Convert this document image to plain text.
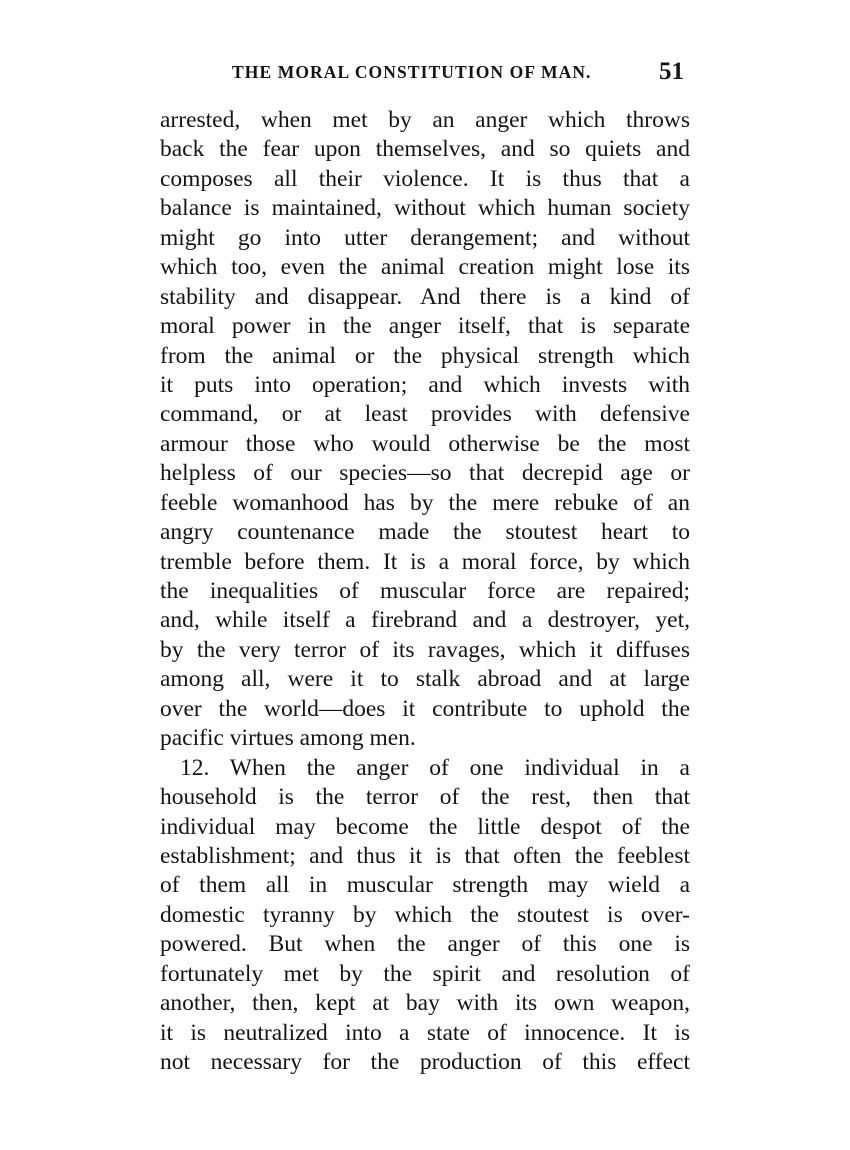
THE MORAL CONSTITUTION OF MAN.	51
arrested, when met by an anger which throws
back the fear upon themselves, and so quiets and
composes all their violence. It is thus that a
balance is maintained, without which human society
might go into utter derangement; and without
which too, even the animal creation might lose its
stability and disappear. And there is a kind of
moral power in the anger itself, that is separate
from the animal or the physical strength which
it puts into operation; and which invests with
command, or at least provides with defensive
armour those who would otherwise be the most
helpless of our species—so that decrepid age or
feeble womanhood has by the mere rebuke of an
angry countenance made the stoutest heart to
tremble before them. It is a moral force, by which
the inequalities of muscular force are repaired;
and, while itself a firebrand and a destroyer, yet,
by the very terror of its ravages, which it diffuses
among all, were it to stalk abroad and at large
over the world—does it contribute to uphold the
pacific virtues among men.
12. When the anger of one individual in a
household is the terror of the rest, then that
individual may become the little despot of the
establishment; and thus it is that often the feeblest
of them all in muscular strength may wield a
domestic tyranny by which the stoutest is over-
powered. But when the anger of this one is
fortunately met by the spirit and resolution of
another, then, kept at bay with its own weapon,
it is neutralized into a state of innocence. It is
not necessary for the production of this effect
